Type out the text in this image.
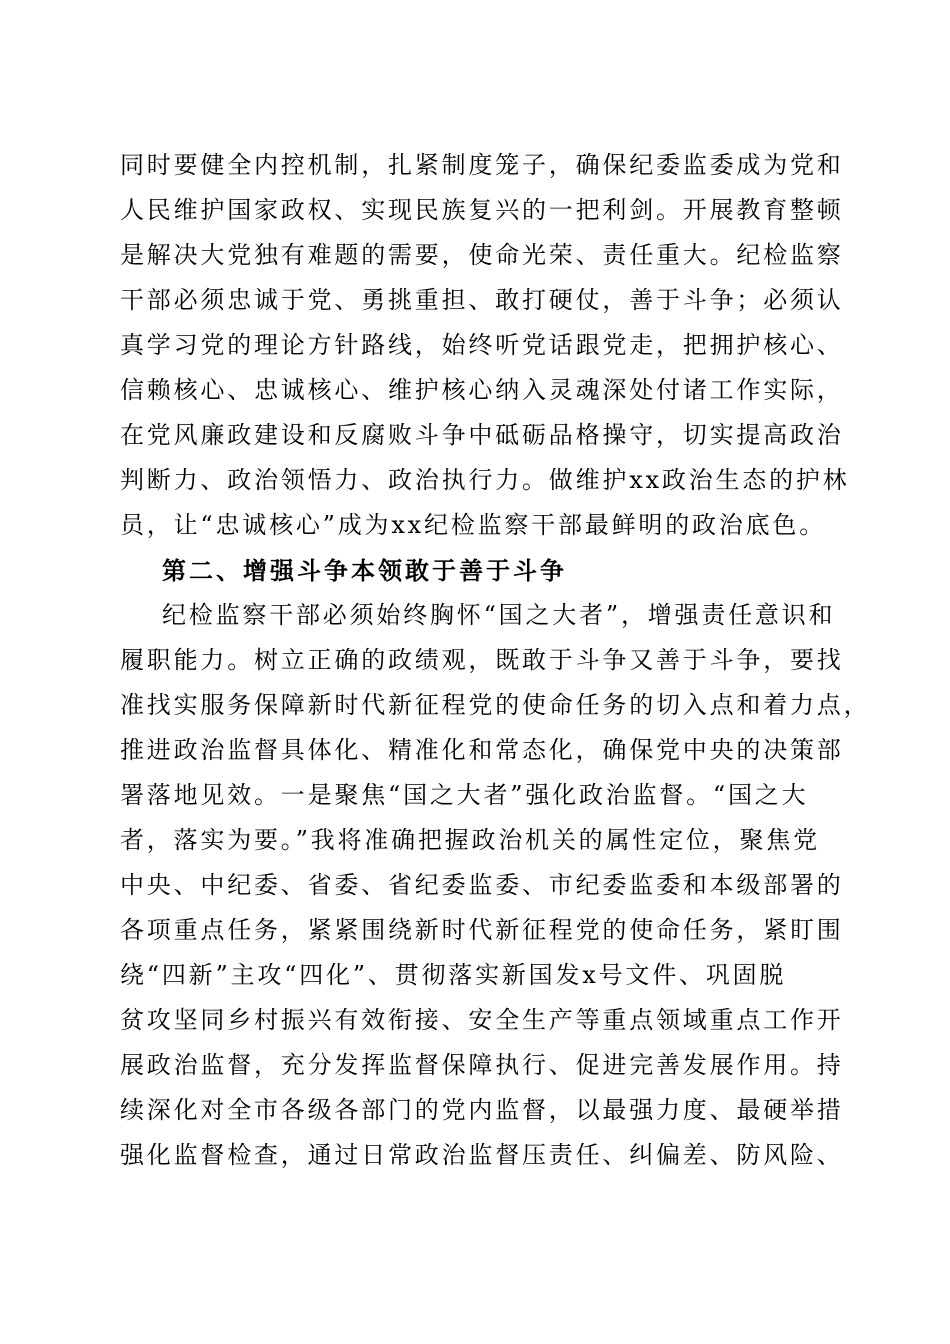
同时要健全内控机制，扎紧制度笼子，确保纪委监委成为党和
人民维护国家政权、实现民族复兴的一把利剑。开展教育整顿
是解决大党独有难题的需要，使命光荣、责任重大。纪检监察
干部必须忠诚于党、勇挑重担、敢打硬仗，善于斗争；必须认
真学习党的理论方针路线，始终听党话跟党走，把拥护核心、
信赖核心、忠诚核心、维护核心纳入灵魂深处付诸工作实际，
在党风廉政建设和反腐败斗争中砥砺品格操守，切实提高政治
判断力、政治领悟力、政治执行力。做维护xx政治生态的护林
员，让“忠诚核心”成为xx纪检监察干部最鲜明的政治底色。
第二、增强斗争本领敢于善于斗争
纪检监察干部必须始终胸怀“国之大者”，增强责任意识和
履职能力。树立正确的政绩观，既敢于斗争又善于斗争，要找
准找实服务保障新时代新征程党的使命任务的切入点和着力点，
推进政治监督具体化、精准化和常态化，确保党中央的决策部
署落地见效。一是聚焦“国之大者”强化政治监督。“国之大
者，落实为要。”我将准确把握政治机关的属性定位，聚焦党
中央、中纪委、省委、省纪委监委、市纪委监委和本级部署的
各项重点任务，紧紧围绕新时代新征程党的使命任务，紧盯围
绕“四新”主攻“四化”、贯彻落实新国发x号文件、巩固脱
贫攻坚同乡村振兴有效衔接、安全生产等重点领域重点工作开
展政治监督，充分发挥监督保障执行、促进完善发展作用。持
续深化对全市各级各部门的党内监督，以最强力度、最硬举措
强化监督检查，通过日常政治监督压责任、纠偏差、防风险、
